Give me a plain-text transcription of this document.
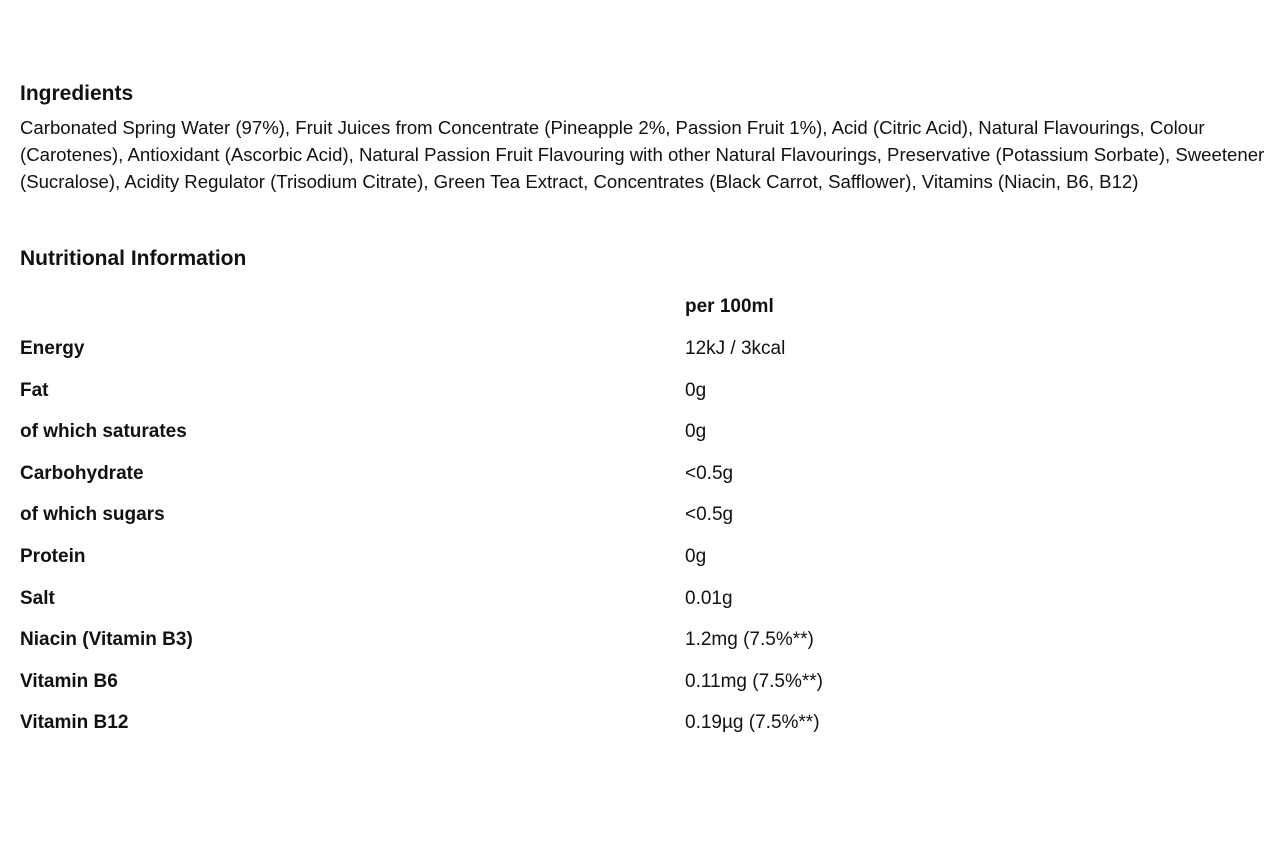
Ingredients

Carbonated Spring Water (97%), Fruit Juices from Concentrate (Pineapple 2%, Passion Fruit 1%), Acid (Citric Acid), Natural Flavourings, Colour (Carotenes), Antioxidant (Ascorbic Acid), Natural Passion Fruit Flavouring with other Natural Flavourings, Preservative (Potassium Sorbate), Sweetener (Sucralose), Acidity Regulator (Trisodium Citrate), Green Tea Extract, Concentrates (Black Carrot, Safflower), Vitamins (Niacin, B6, B12)

Nutritional Information
	per 100ml
Energy	12kJ / 3kcal
Fat	0g
of which saturates	0g
Carbohydrate	<0.5g
of which sugars	<0.5g
Protein	0g
Salt	0.01g
Niacin (Vitamin B3)	1.2mg (7.5%**)
Vitamin B6	0.11mg (7.5%**)
Vitamin B12	0.19µg (7.5%**)
